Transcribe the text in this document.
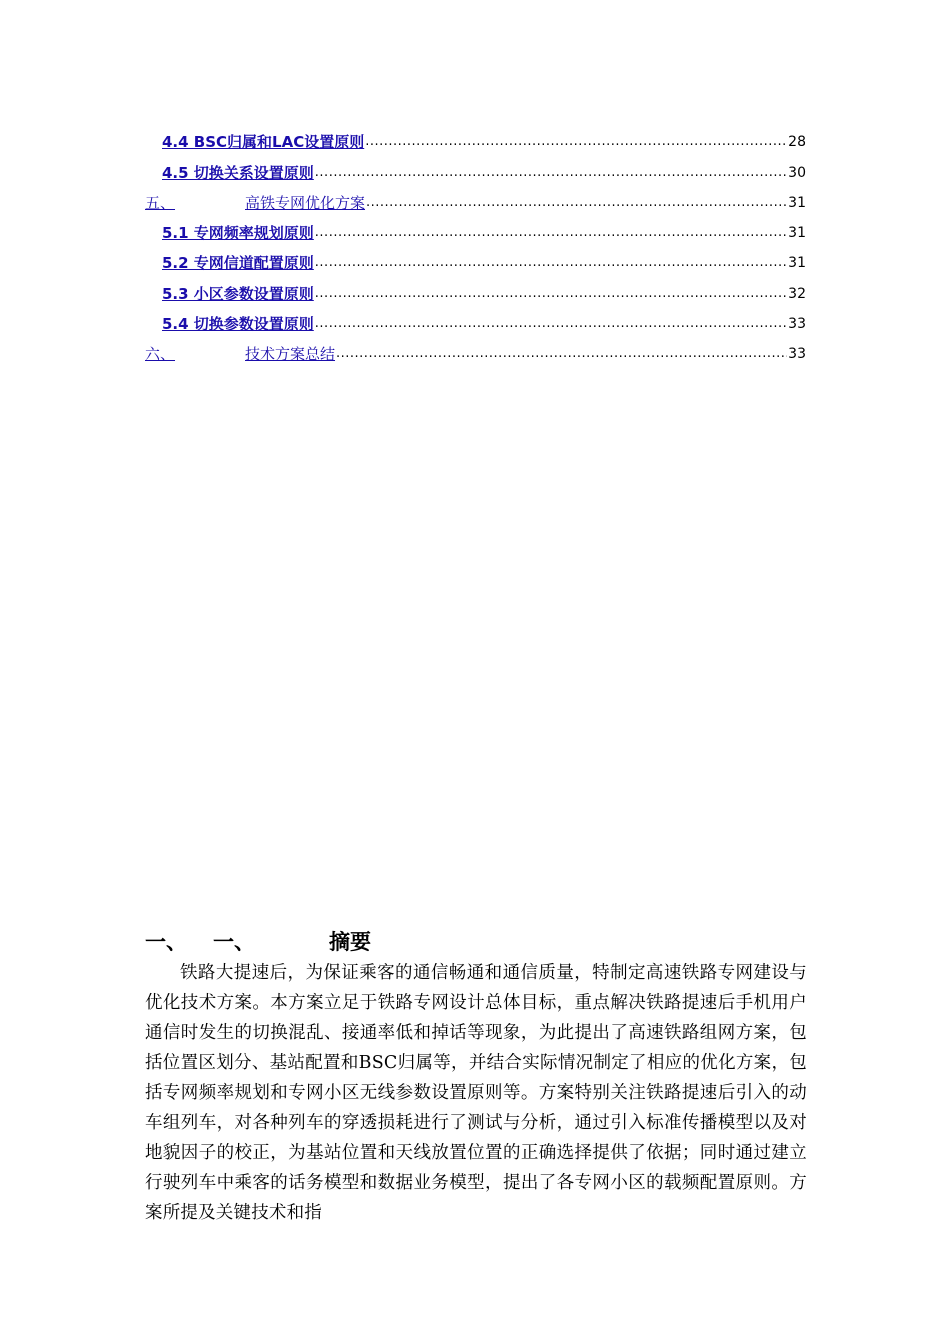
4.4 BSC归属和LAC设置原则 .....	28
4.5 切换关系设置原则 .....	30
五、	高铁专网优化方案 .....	31
5.1 专网频率规划原则 .....	31
5.2 专网信道配置原则 .....	31
5.3 小区参数设置原则 .....	32
5.4 切换参数设置原则 .....	33
六、	技术方案总结 .....	33
一、	一、	摘要

铁路大提速后，为保证乘客的通信畅通和通信质量，特制定高速铁路专网建设与优化技术方案。本方案立足于铁路专网设计总体目标，重点解决铁路提速后手机用户通信时发生的切换混乱、接通率低和掉话等现象，为此提出了高速铁路组网方案，包括位置区划分、基站配置和BSC归属等，并结合实际情况制定了相应的优化方案，包括专网频率规划和专网小区无线参数设置原则等。方案特别关注铁路提速后引入的动车组列车，对各种列车的穿透损耗进行了测试与分析，通过引入标准传播模型以及对地貌因子的校正，为基站位置和天线放置位置的正确选择提供了依据；同时通过建立行驶列车中乘客的话务模型和数据业务模型，提出了各专网小区的载频配置原则。方案所提及关键技术和指
